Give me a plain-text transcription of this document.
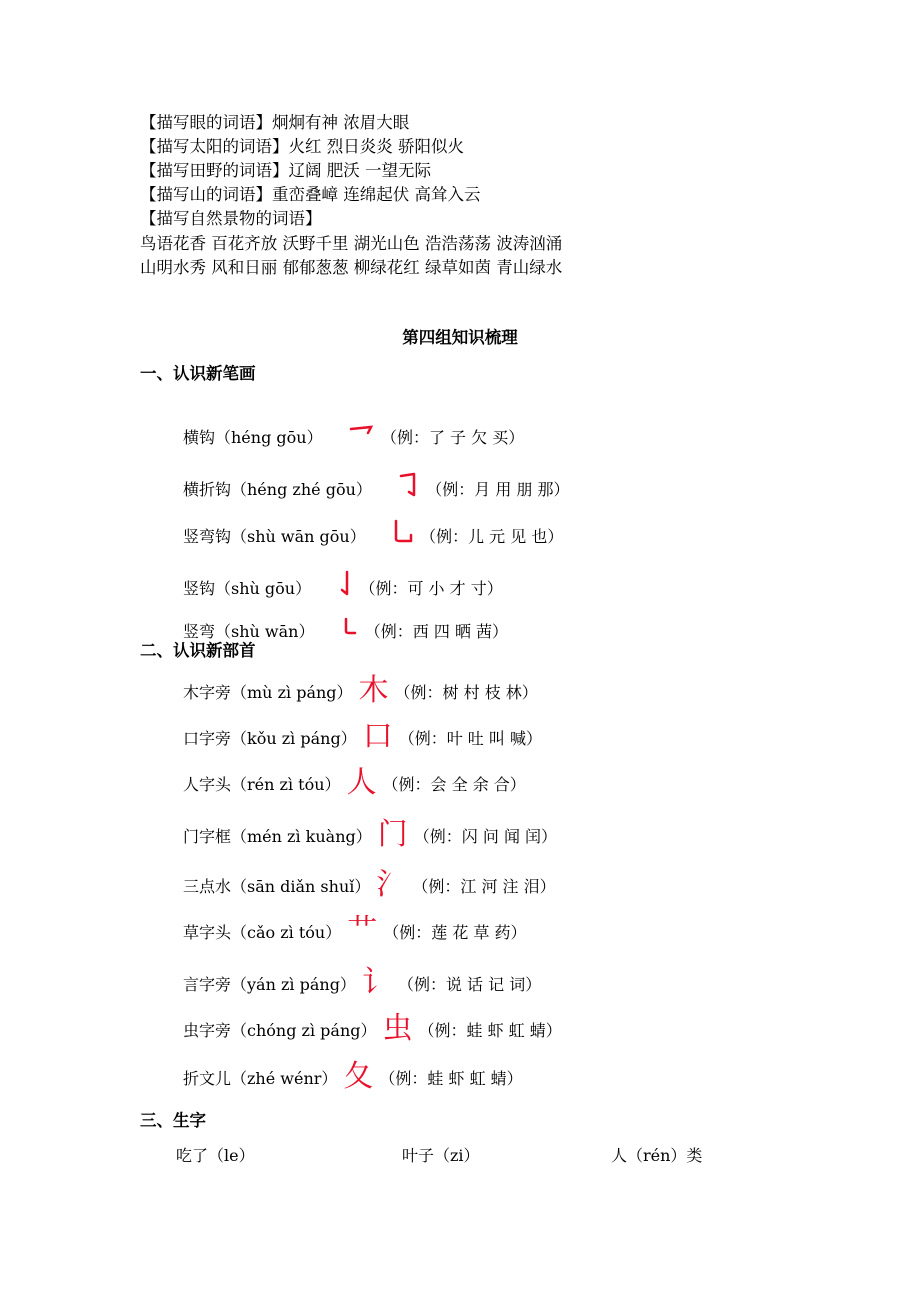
【描写眼的词语】炯炯有神 浓眉大眼
【描写太阳的词语】火红 烈日炎炎 骄阳似火
【描写田野的词语】辽阔 肥沃 一望无际
【描写山的词语】重峦叠嶂 连绵起伏 高耸入云
【描写自然景物的词语】
鸟语花香 百花齐放 沃野千里 湖光山色 浩浩荡荡 波涛汹涌
山明水秀 风和日丽 郁郁葱葱 柳绿花红 绿草如茵 青山绿水
第四组知识梳理
一、认识新笔画
横钩（héng gōu）

	（例：了 子 欠 买）
横折钩（héng zhé gōu）

	（例：月 用 朋 那）
竖弯钩（shù wān gōu）

	（例：儿 元 见 也）
竖钩（shù gōu）

	（例：可 小 才 寸）
竖弯（shù wān）

	（例：西 四 晒 茜）
二、认识新部首
木字旁（mù zì páng） 木 （例：树 村 枝 林）
口字旁（kǒu zì páng） 口 （例：叶 吐 叫 喊）
人字头（rén zì tóu） 人 （例：会 全 余 合）
门字框（mén zì kuàng） 门 （例：闪 问 闻 闰）
三点水（sān diǎn shuǐ） 氵 （例：江 河 注 泪）
草字头（cǎo zì tóu） 艹 （例：莲 花 草 药）
言字旁（yán zì páng） 讠 （例：说 话 记 词）
虫字旁（chóng zì páng） 虫 （例：蛙 虾 虹 蜻）
折文儿（zhé wénr） 夂 （例：蛙 虾 虹 蜻）
三、生字
吃了（le）	叶子（zi）	人（rén）类
